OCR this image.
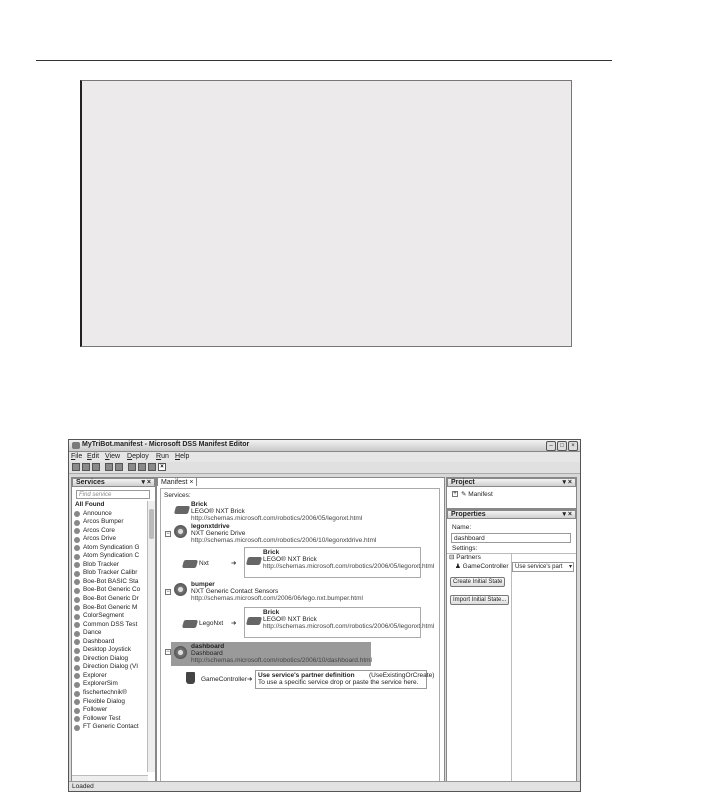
MyTriBot.manifest - Microsoft DSS Manifest Editor	–	□	×
File Edit View Deploy Run Help
×
Services	▾ ×
Find service
All Found
Announce
Arcos Bumper
Arcos Core
Arcos Drive
Atom Syndication G
Atom Syndication C
Blob Tracker
Blob Tracker Calibr
Boe-Bot BASIC Sta
Boe-Bot Generic Co
Boe-Bot Generic Dr
Boe-Bot Generic M
ColorSegment
Common DSS Test
Dance
Dashboard
Desktop Joystick
Direction Dialog
Direction Dialog (VI
Explorer
ExplorerSim
fischertechnik®
Flexible Dialog
Follower
Follower Test
FT Generic Contact
Manifest ×
Services:
Brick
LEGO® NXT Brick
http://schemas.microsoft.com/robotics/2006/05/legonxt.html
−
legonxtdrive
NXT Generic Drive
http://schemas.microsoft.com/robotics/2006/10/legonxtdrive.html
Nxt	➔
Brick
LEGO® NXT Brick
http://schemas.microsoft.com/robotics/2006/05/legonxt.html
−
bumper
NXT Generic Contact Sensors
http://schemas.microsoft.com/2006/06/lego.nxt.bumper.html
LegoNxt ➔
Brick
LEGO® NXT Brick
http://schemas.microsoft.com/robotics/2006/05/legonxt.html
−
dashboard
Dashboard
http://schemas.microsoft.com/robotics/2006/10/dashboard.html
GameController ➔
Use service's partner definition (UseExistingOrCreate)
To use a specific service drop or paste the service here.
Project	▾ ×
+ ✎ Manifest
Properties	▾ ×
Name:
dashboard
Settings:
⊟ Partners
♟ GameController	Use service's part ▾
Create Initial State
Import Initial State...
Loaded
